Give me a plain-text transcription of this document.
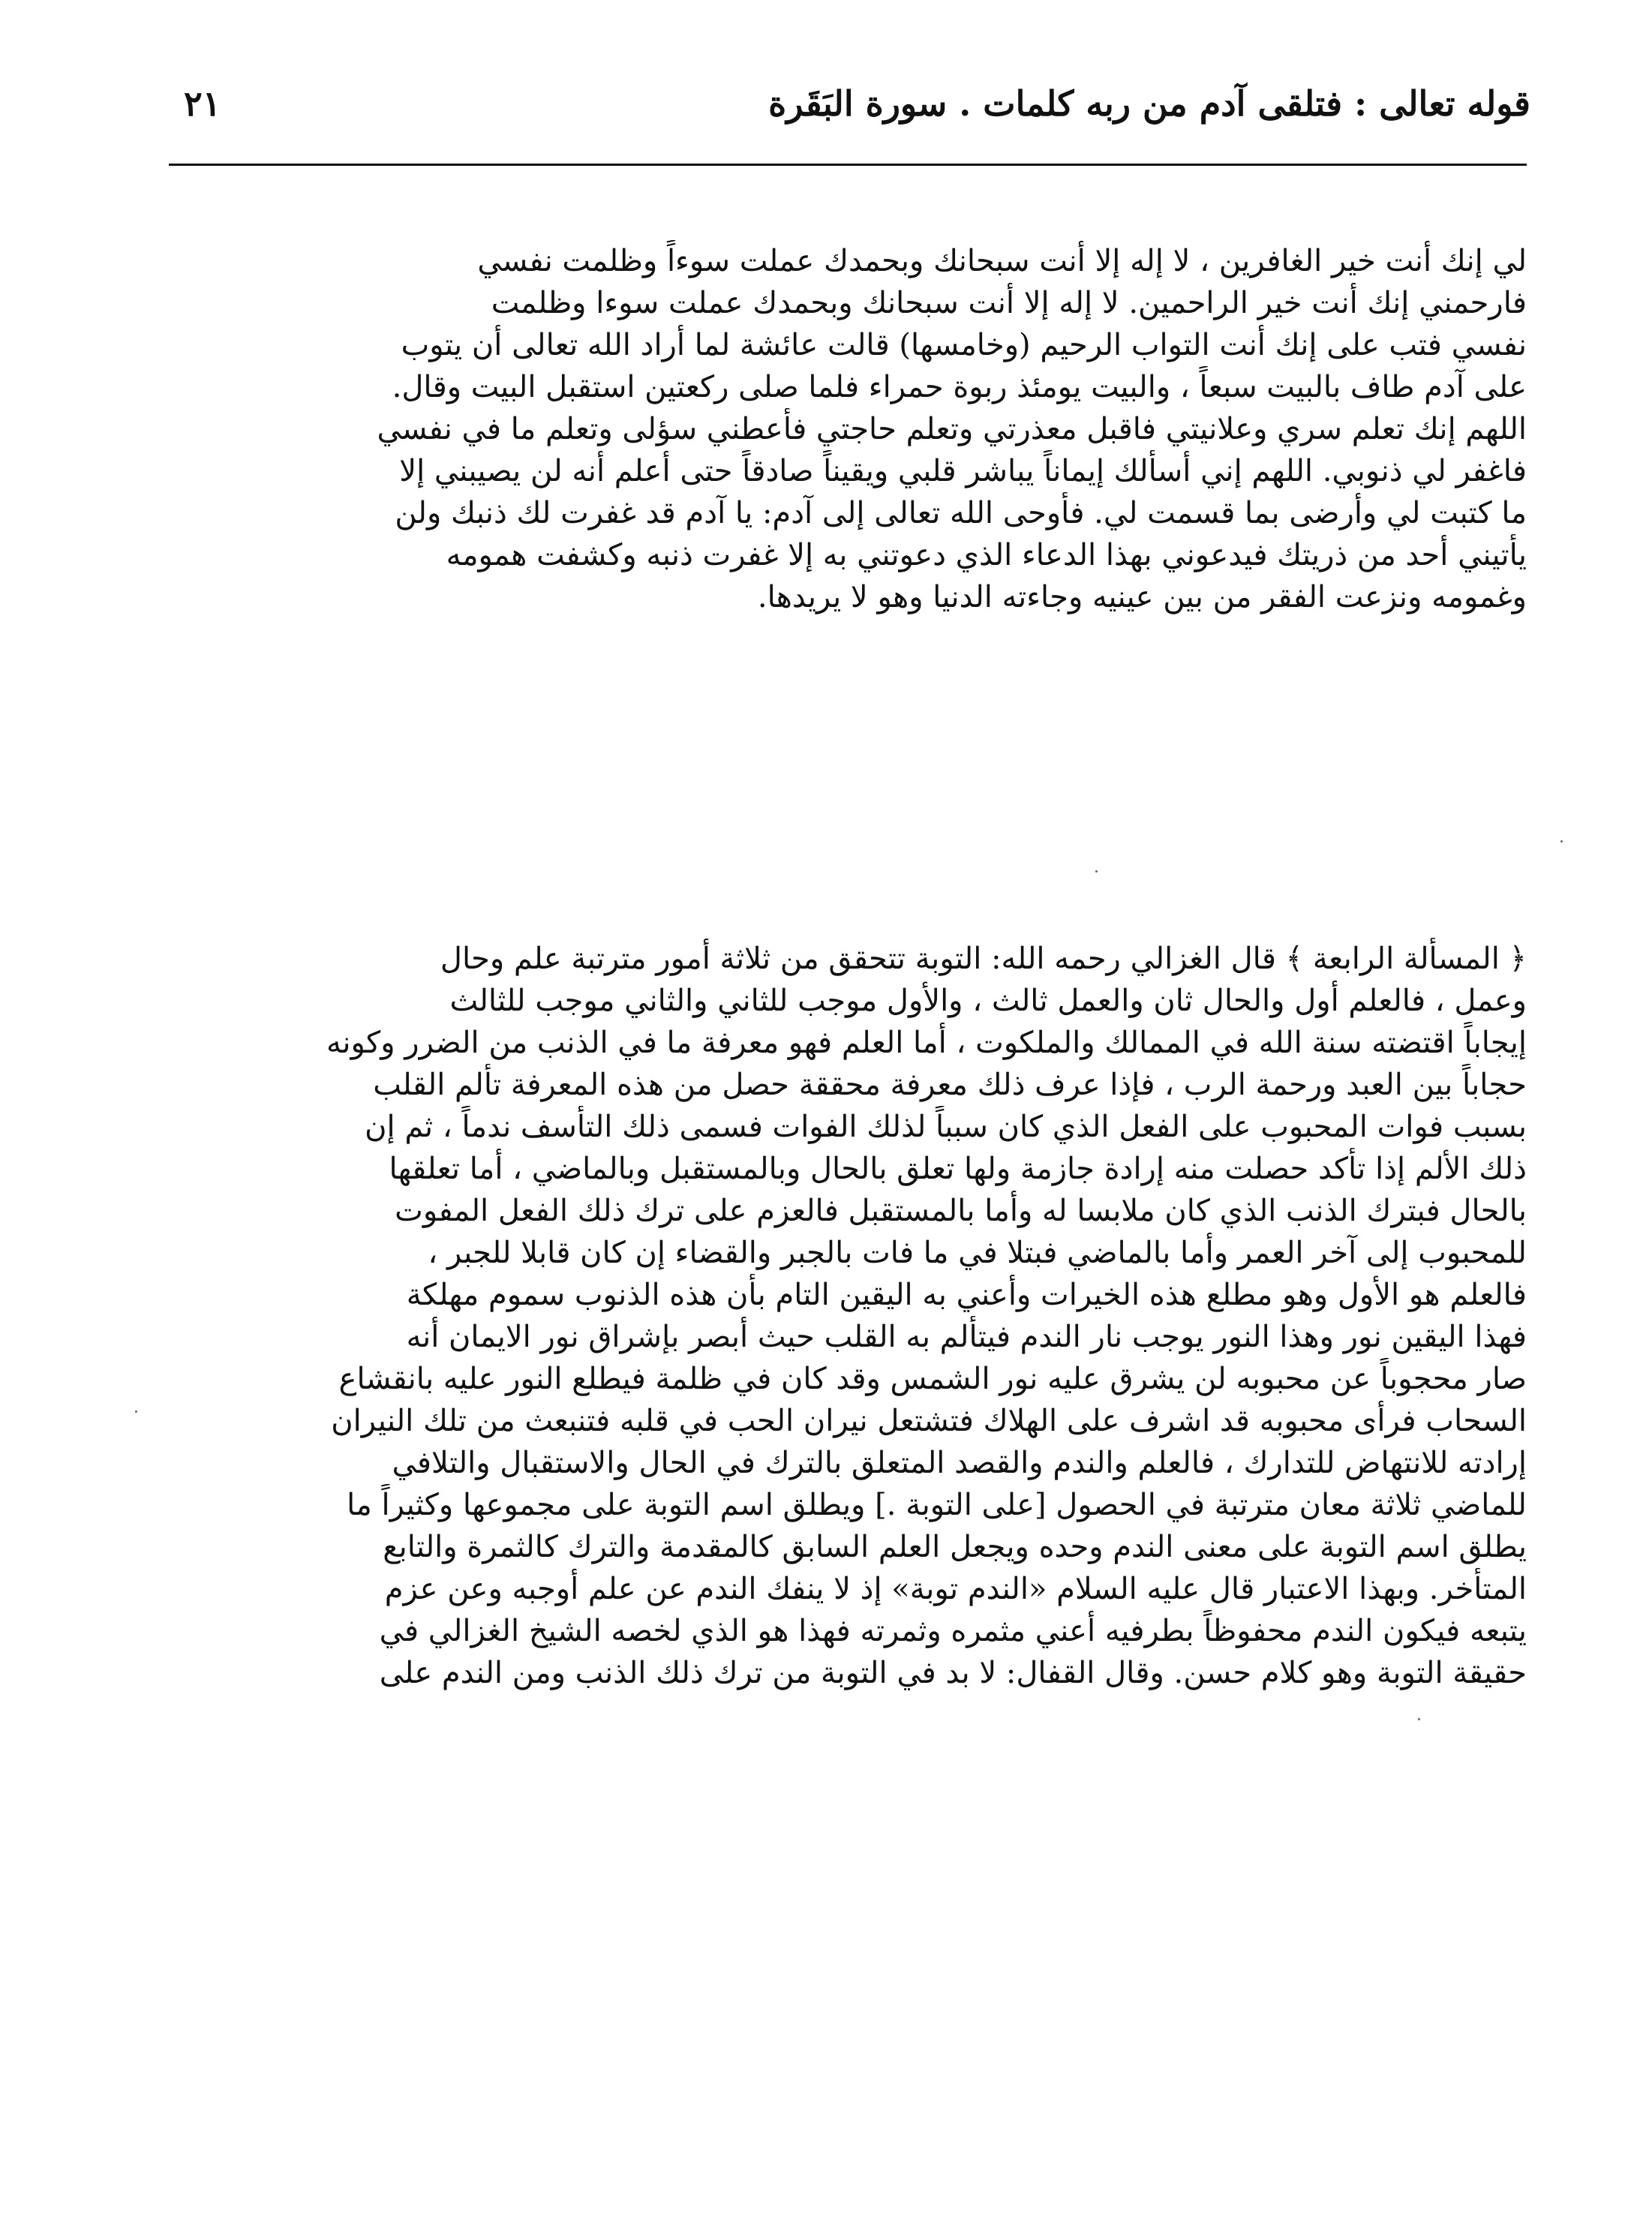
قوله تعالى : فتلقى آدم من ربه كلمات . سورة البَقَرة
٢١
لي إنك أنت خير الغافرين ، لا إله إلا أنت سبحانك وبحمدك عملت سوءاً وظلمت نفسي
فارحمني إنك أنت خير الراحمين. لا إله إلا أنت سبحانك وبحمدك عملت سوءا وظلمت
نفسي فتب على إنك أنت التواب الرحيم (وخامسها) قالت عائشة لما أراد الله تعالى أن يتوب
على آدم طاف بالبيت سبعاً ، والبيت يومئذ ربوة حمراء فلما صلى ركعتين استقبل البيت وقال.
اللهم إنك تعلم سري وعلانيتي فاقبل معذرتي وتعلم حاجتي فأعطني سؤلى وتعلم ما في نفسي
فاغفر لي ذنوبي. اللهم إني أسألك إيماناً يباشر قلبي ويقيناً صادقاً حتى أعلم أنه لن يصيبني إلا
ما كتبت لي وأرضى بما قسمت لي. فأوحى الله تعالى إلى آدم: يا آدم قد غفرت لك ذنبك ولن
يأتيني أحد من ذريتك فيدعوني بهذا الدعاء الذي دعوتني به إلا غفرت ذنبه وكشفت همومه
وغمومه ونزعت الفقر من بين عينيه وجاءته الدنيا وهو لا يريدها.
﴿ المسألة الرابعة ﴾ قال الغزالي رحمه الله: التوبة تتحقق من ثلاثة أمور مترتبة علم وحال
وعمل ، فالعلم أول والحال ثان والعمل ثالث ، والأول موجب للثاني والثاني موجب للثالث
إيجاباً اقتضته سنة الله في الممالك والملكوت ، أما العلم فهو معرفة ما في الذنب من الضرر وكونه
حجاباً بين العبد ورحمة الرب ، فإذا عرف ذلك معرفة محققة حصل من هذه المعرفة تألم القلب
بسبب فوات المحبوب على الفعل الذي كان سبباً لذلك الفوات فسمى ذلك التأسف ندماً ، ثم إن
ذلك الألم إذا تأكد حصلت منه إرادة جازمة ولها تعلق بالحال وبالمستقبل وبالماضي ، أما تعلقها
بالحال فبترك الذنب الذي كان ملابسا له وأما بالمستقبل فالعزم على ترك ذلك الفعل المفوت
للمحبوب إلى آخر العمر وأما بالماضي فبتلا في ما فات بالجبر والقضاء إن كان قابلا للجبر ،
فالعلم هو الأول وهو مطلع هذه الخيرات وأعني به اليقين التام بأن هذه الذنوب سموم مهلكة
فهذا اليقين نور وهذا النور يوجب نار الندم فيتألم به القلب حيث أبصر بإشراق نور الايمان أنه
صار محجوباً عن محبوبه لن يشرق عليه نور الشمس وقد كان في ظلمة فيطلع النور عليه بانقشاع
السحاب فرأى محبوبه قد اشرف على الهلاك فتشتعل نيران الحب في قلبه فتنبعث من تلك النيران
إرادته للانتهاض للتدارك ، فالعلم والندم والقصد المتعلق بالترك في الحال والاستقبال والتلافي
للماضي ثلاثة معان مترتبة في الحصول [على التوبة .] ويطلق اسم التوبة على مجموعها وكثيراً ما
يطلق اسم التوبة على معنى الندم وحده ويجعل العلم السابق كالمقدمة والترك كالثمرة والتابع
المتأخر. وبهذا الاعتبار قال عليه السلام «الندم توبة» إذ لا ينفك الندم عن علم أوجبه وعن عزم
يتبعه فيكون الندم محفوظاً بطرفيه أعني مثمره وثمرته فهذا هو الذي لخصه الشيخ الغزالي في
حقيقة التوبة وهو كلام حسن. وقال القفال: لا بد في التوبة من ترك ذلك الذنب ومن الندم على
